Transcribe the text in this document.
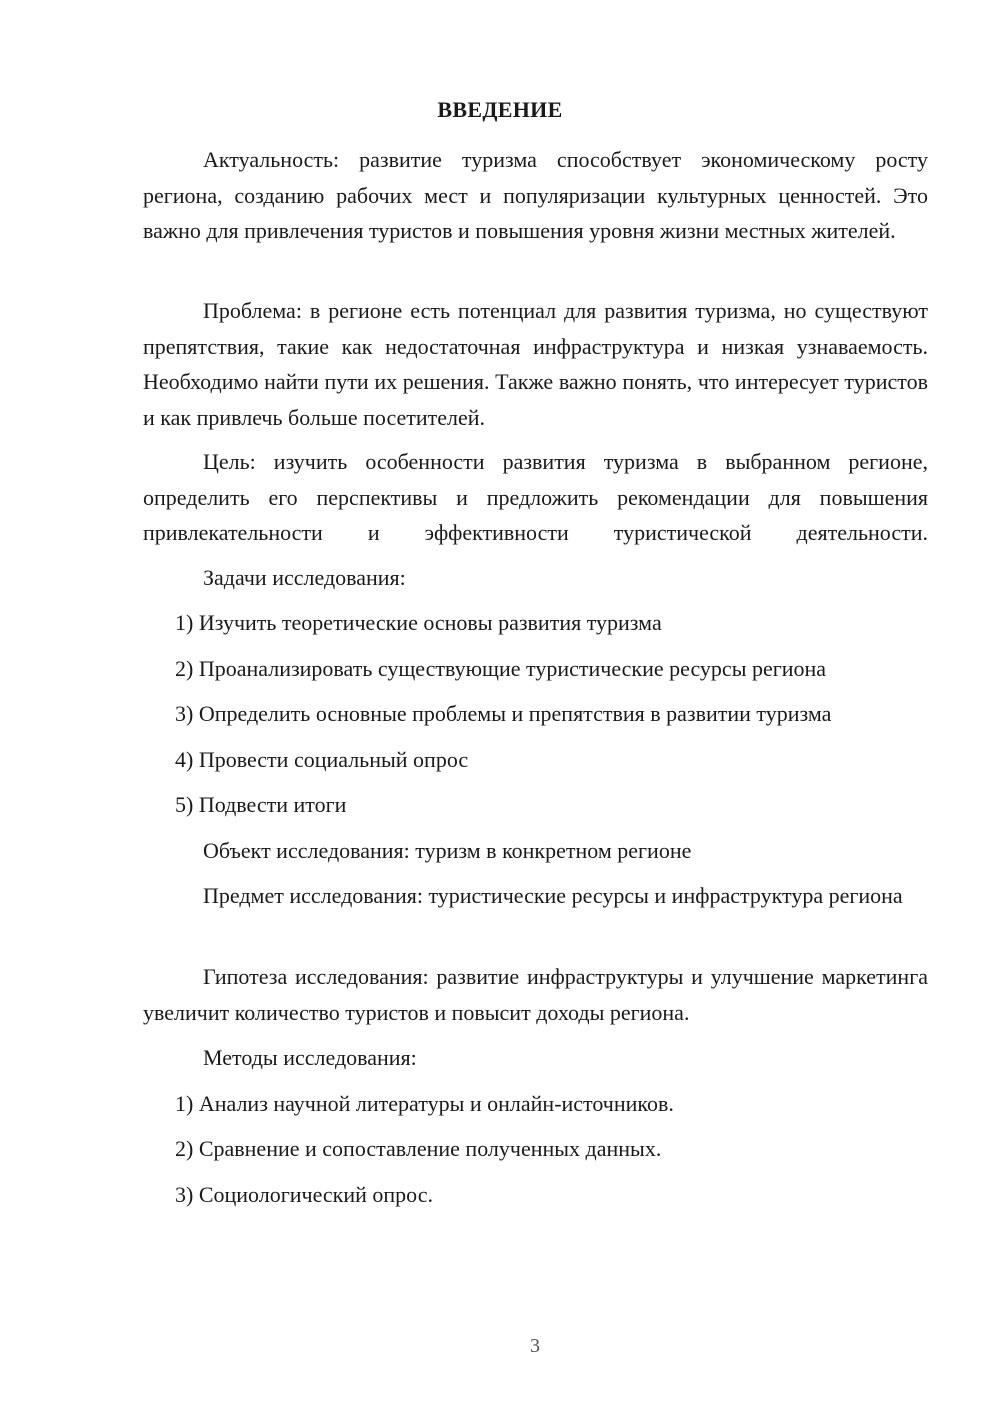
ВВЕДЕНИЕ

Актуальность: развитие туризма способствует экономическому росту региона, созданию рабочих мест и популяризации культурных ценностей. Это важно для привлечения туристов и повышения уровня жизни местных жителей.

Проблема: в регионе есть потенциал для развития туризма, но существуют препятствия, такие как недостаточная инфраструктура и низкая узнаваемость. Необходимо найти пути их решения. Также важно понять, что интересует туристов и как привлечь больше посетителей.

Цель: изучить особенности развития туризма в выбранном регионе, определить его перспективы и предложить рекомендации для повышения привлекательности и эффективности туристической деятельности.

Задачи исследования:

1) Изучить теоретические основы развития туризма

2) Проанализировать существующие туристические ресурсы региона

3) Определить основные проблемы и препятствия в развитии туризма

4) Провести социальный опрос

5) Подвести итоги

Объект исследования: туризм в конкретном регионе

Предмет исследования: туристические ресурсы и инфраструктура региона

Гипотеза исследования: развитие инфраструктуры и улучшение маркетинга увеличит количество туристов и повысит доходы региона.

Методы исследования:

1) Анализ научной литературы и онлайн-источников.

2) Сравнение и сопоставление полученных данных.

3) Социологический опрос.

3
